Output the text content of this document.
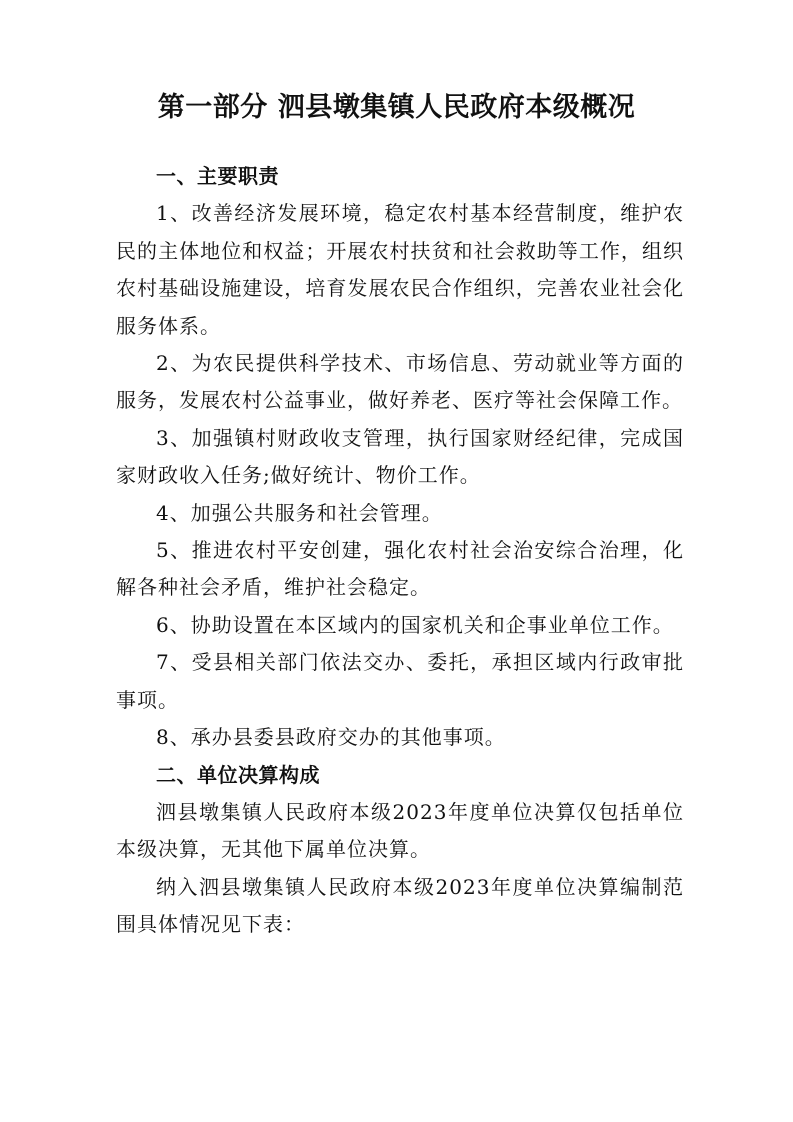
第一部分 泗县墩集镇人民政府本级概况
一、主要职责

1、改善经济发展环境，稳定农村基本经营制度，维护农民的主体地位和权益；开展农村扶贫和社会救助等工作，组织农村基础设施建设，培育发展农民合作组织，完善农业社会化服务体系。

2、为农民提供科学技术、市场信息、劳动就业等方面的服务，发展农村公益事业，做好养老、医疗等社会保障工作。

3、加强镇村财政收支管理，执行国家财经纪律，完成国家财政收入任务;做好统计、物价工作。

4、加强公共服务和社会管理。

5、推进农村平安创建，强化农村社会治安综合治理，化解各种社会矛盾，维护社会稳定。

6、协助设置在本区域内的国家机关和企事业单位工作。

7、受县相关部门依法交办、委托，承担区域内行政审批事项。

8、承办县委县政府交办的其他事项。

二、单位决算构成

泗县墩集镇人民政府本级2023年度单位决算仅包括单位本级决算，无其他下属单位决算。

纳入泗县墩集镇人民政府本级2023年度单位决算编制范围具体情况见下表：
